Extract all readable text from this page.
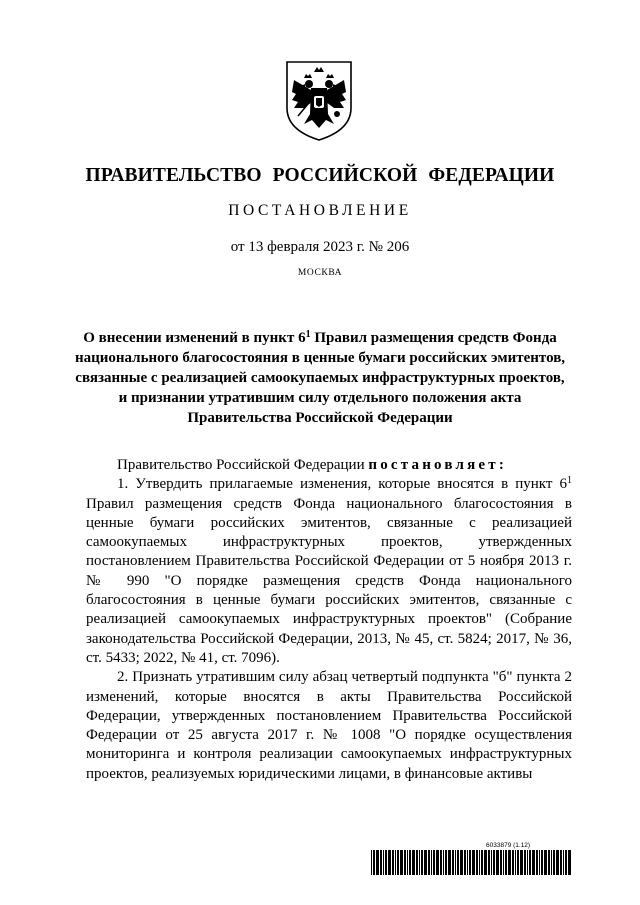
ПРАВИТЕЛЬСТВО РОССИЙСКОЙ ФЕДЕРАЦИИ
ПОСТАНОВЛЕНИЕ
от 13 февраля 2023 г. № 206
МОСКВА
О внесении изменений в пункт $6^1$ Правил размещения средств Фонда национального благосостояния в ценные бумаги российских эмитентов, связанные с реализацией самоокупаемых инфраструктурных проектов, и признании утратившим силу отдельного положения акта Правительства Российской Федерации

Правительство Российской Федерации постановляет:

1. Утвердить прилагаемые изменения, которые вносятся в пункт $6^1$ Правил размещения средств Фонда национального благосостояния в ценные бумаги российских эмитентов, связанные с реализацией самоокупаемых инфраструктурных проектов, утвержденных постановлением Правительства Российской Федерации от 5 ноября 2013 г. № 990 "О порядке размещения средств Фонда национального благосостояния в ценные бумаги российских эмитентов, связанные с реализацией самоокупаемых инфраструктурных проектов" (Собрание законодательства Российской Федерации, 2013, № 45, ст. 5824; 2017, № 36, ст. 5433; 2022, № 41, ст. 7096).

2. Признать утратившим силу абзац четвертый подпункта "б" пункта 2 изменений, которые вносятся в акты Правительства Российской Федерации, утвержденных постановлением Правительства Российской Федерации от 25 августа 2017 г. № 1008 "О порядке осуществления мониторинга и контроля реализации самоокупаемых инфраструктурных проектов, реализуемых юридическими лицами, в финансовые активы

6033879 (1.12)
